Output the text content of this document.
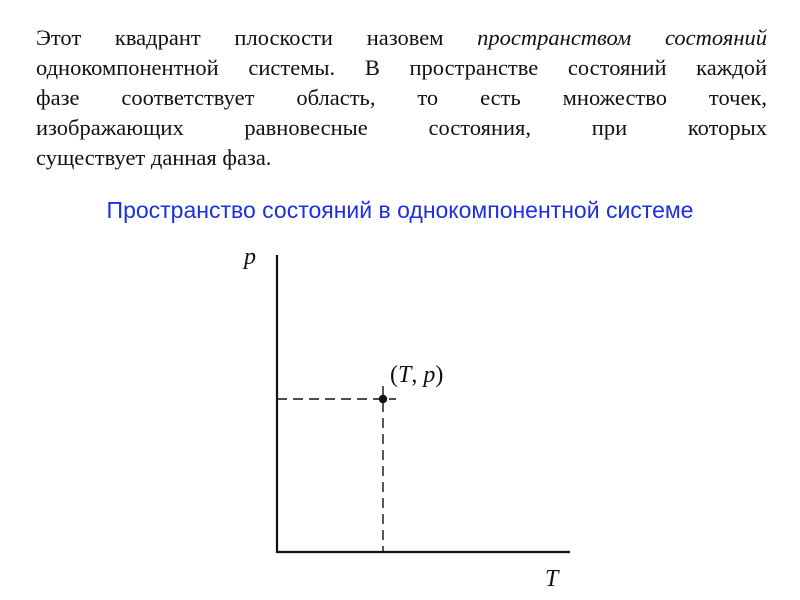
Этот квадрант плоскости назовем пространством состояний
однокомпонентной системы. В пространстве состояний каждой
фазе соответствует область, то есть множество точек,
изображающих равновесные состояния, при которых
существует данная фаза.

Пространство состояний в однокомпонентной системе
p
T
(T, p)
